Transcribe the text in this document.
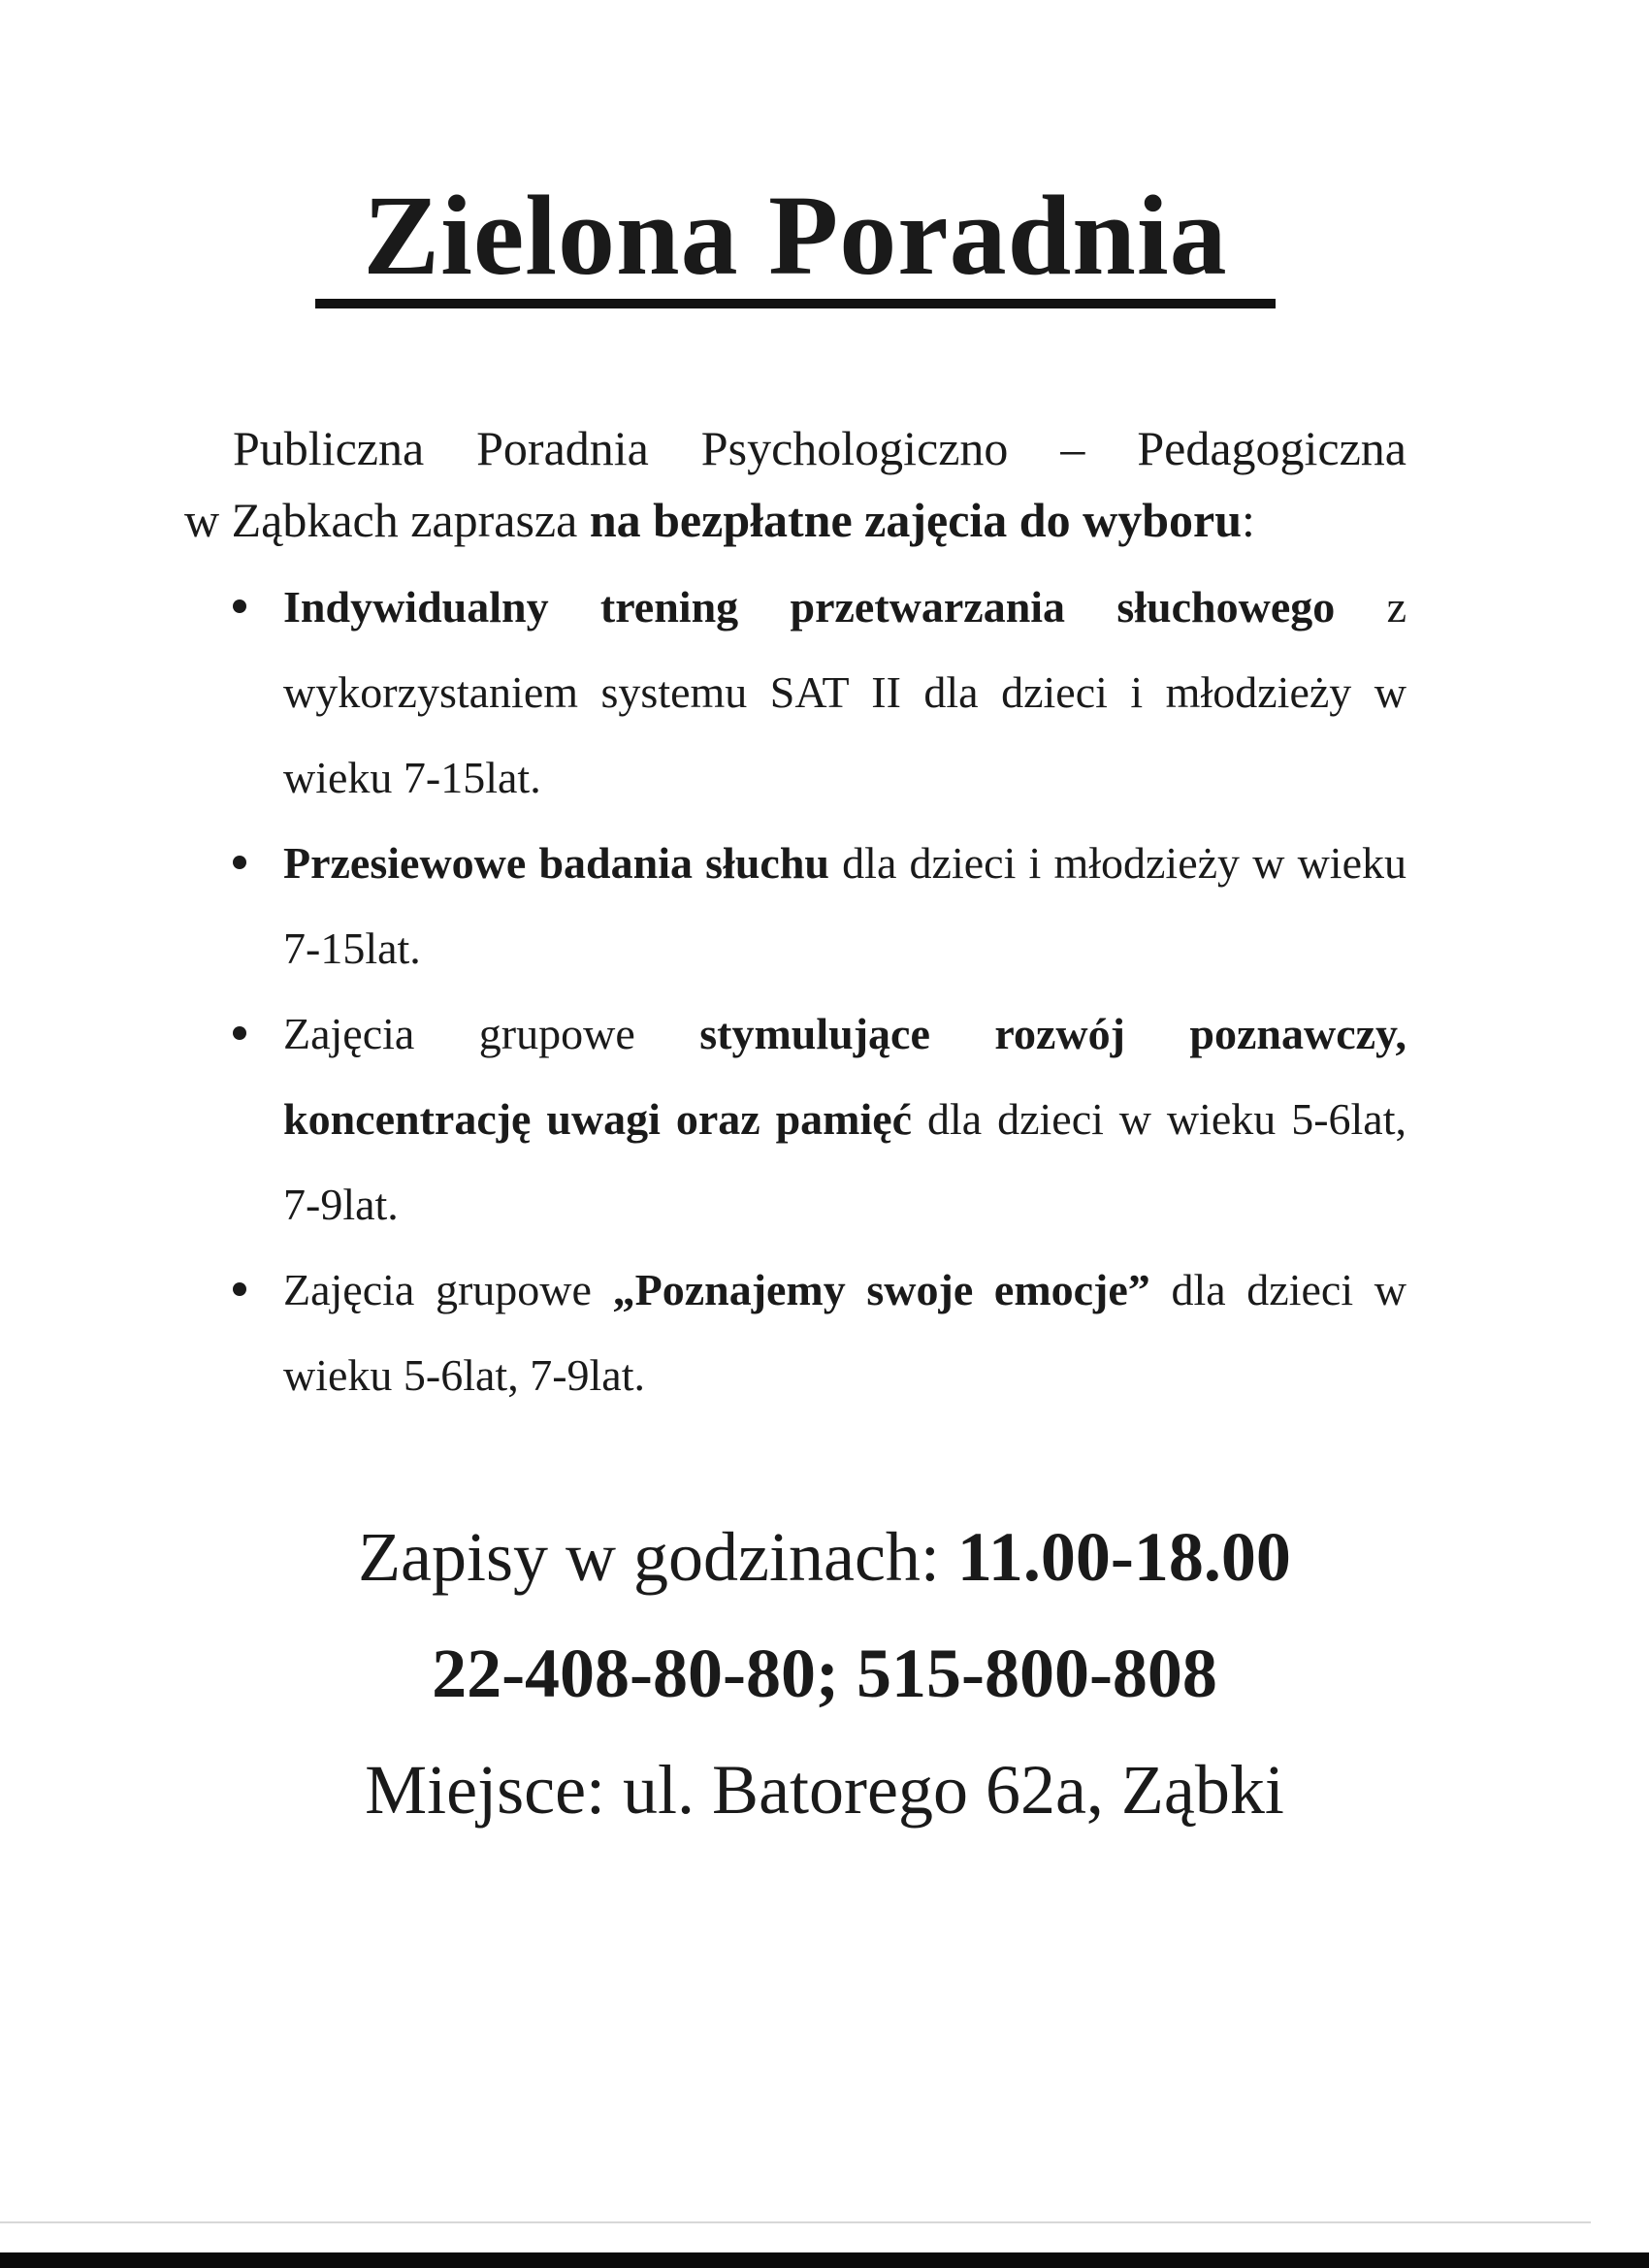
Zielona Poradnia
Publiczna Poradnia Psychologiczno – Pedagogiczna
w Ząbkach zaprasza na bezpłatne zajęcia do wyboru:
Indywidualny trening przetwarzania słuchowego z wykorzystaniem systemu SAT II dla dzieci i młodzieży w wieku 7-15lat.
Przesiewowe badania słuchu dla dzieci i młodzieży w wieku 7-15lat.
Zajęcia grupowe stymulujące rozwój poznawczy, koncentrację uwagi oraz pamięć dla dzieci w wieku 5-6lat, 7-9lat.
Zajęcia grupowe „Poznajemy swoje emocje” dla dzieci w wieku 5-6lat, 7-9lat.
Zapisy w godzinach: 11.00-18.00
22-408-80-80; 515-800-808
Miejsce: ul. Batorego 62a, Ząbki
